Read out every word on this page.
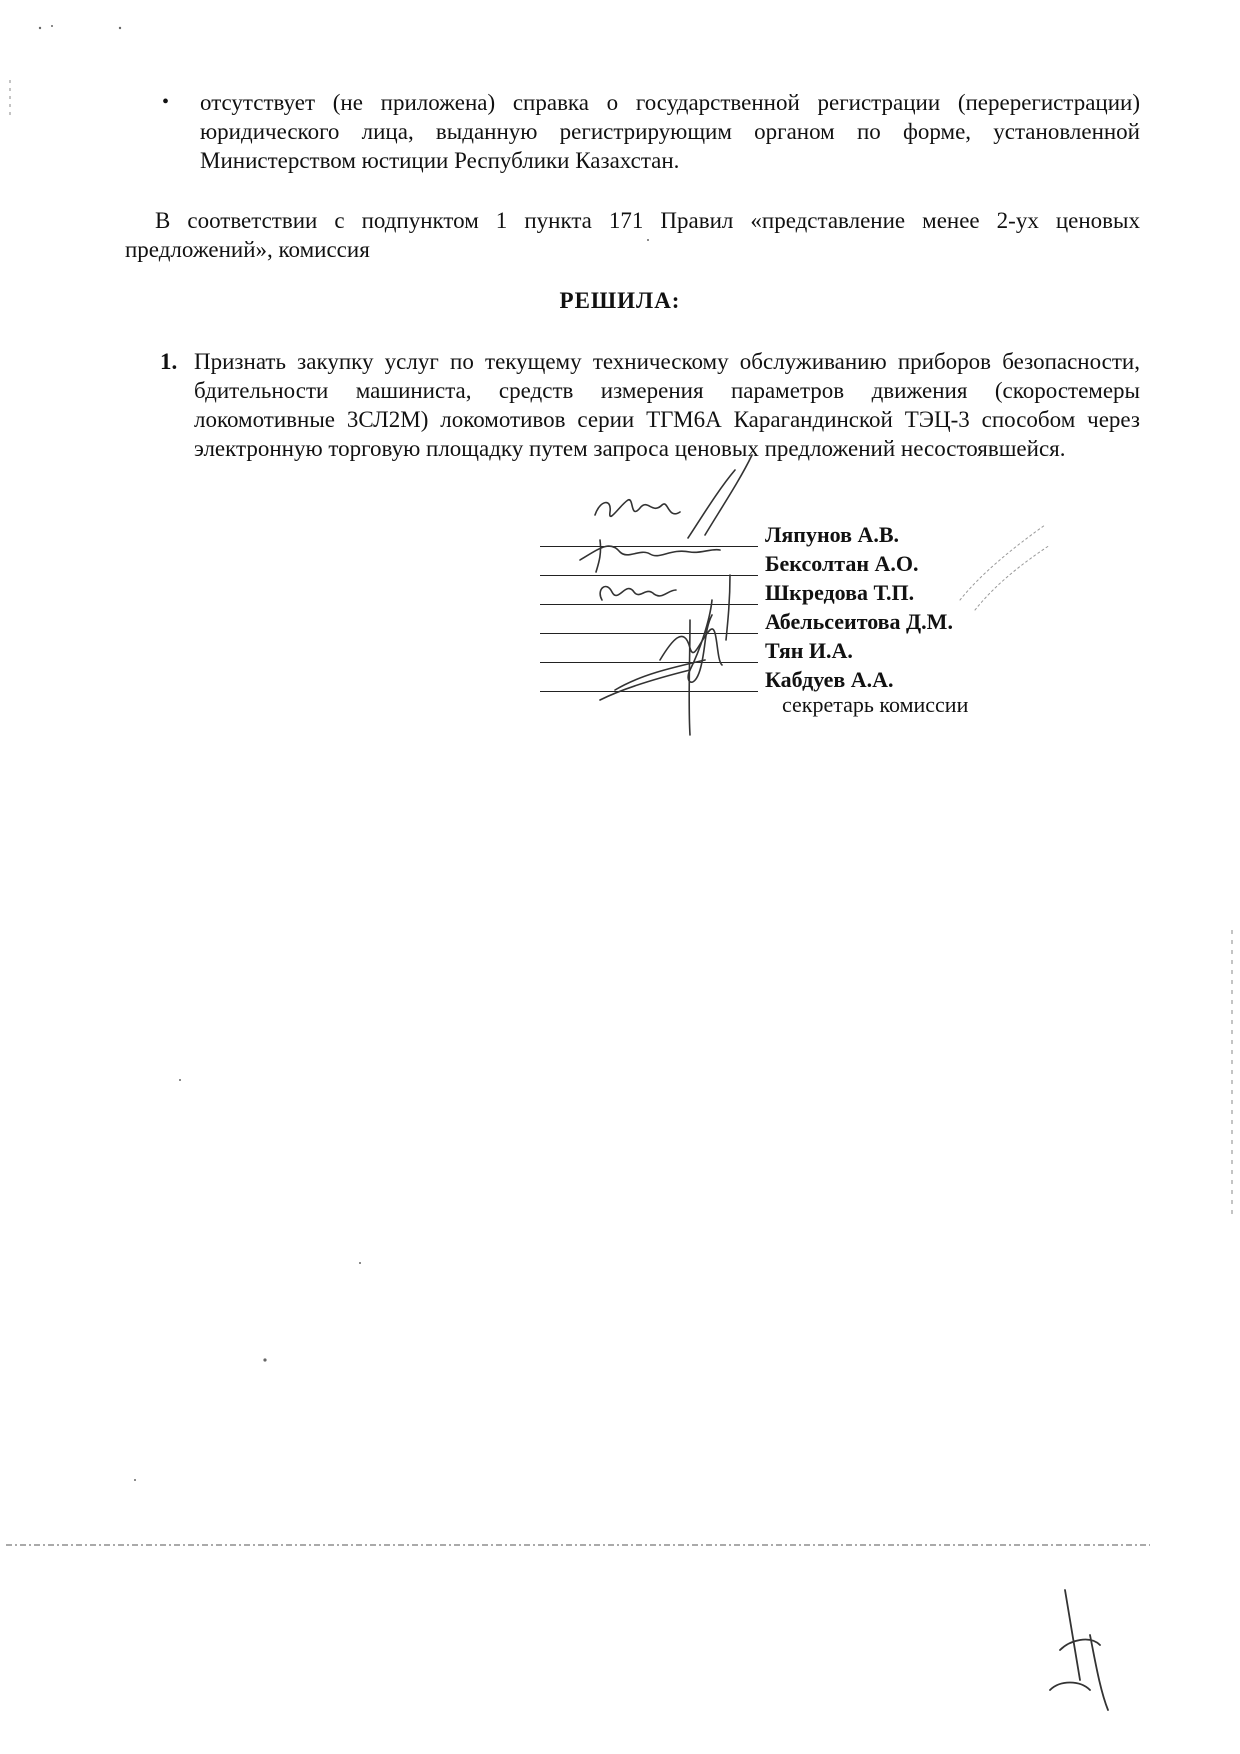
• отсутствует (не приложена) справка о государственной регистрации (перерегистрации) юридического лица, выданную регистрирующим органом по форме, установленной Министерством юстиции Республики Казахстан.
В соответствии с подпунктом 1 пункта 171 Правил «представление менее 2-ух ценовых предложений», комиссия
РЕШИЛА:
1. Признать закупку услуг по текущему техническому обслуживанию приборов безопасности, бдительности машиниста, средств измерения параметров движения (скоростемеры локомотивные 3СЛ2М) локомотивов серии ТГМ6А Карагандинской ТЭЦ-3 способом через электронную торговую площадку путем запроса ценовых предложений несостоявшейся.
Ляпунов А.В.
Бексолтан А.О.
Шкредова Т.П.
Абельсеитова Д.М.
Тян И.А.
Кабдуев А.А.
секретарь комиссии
